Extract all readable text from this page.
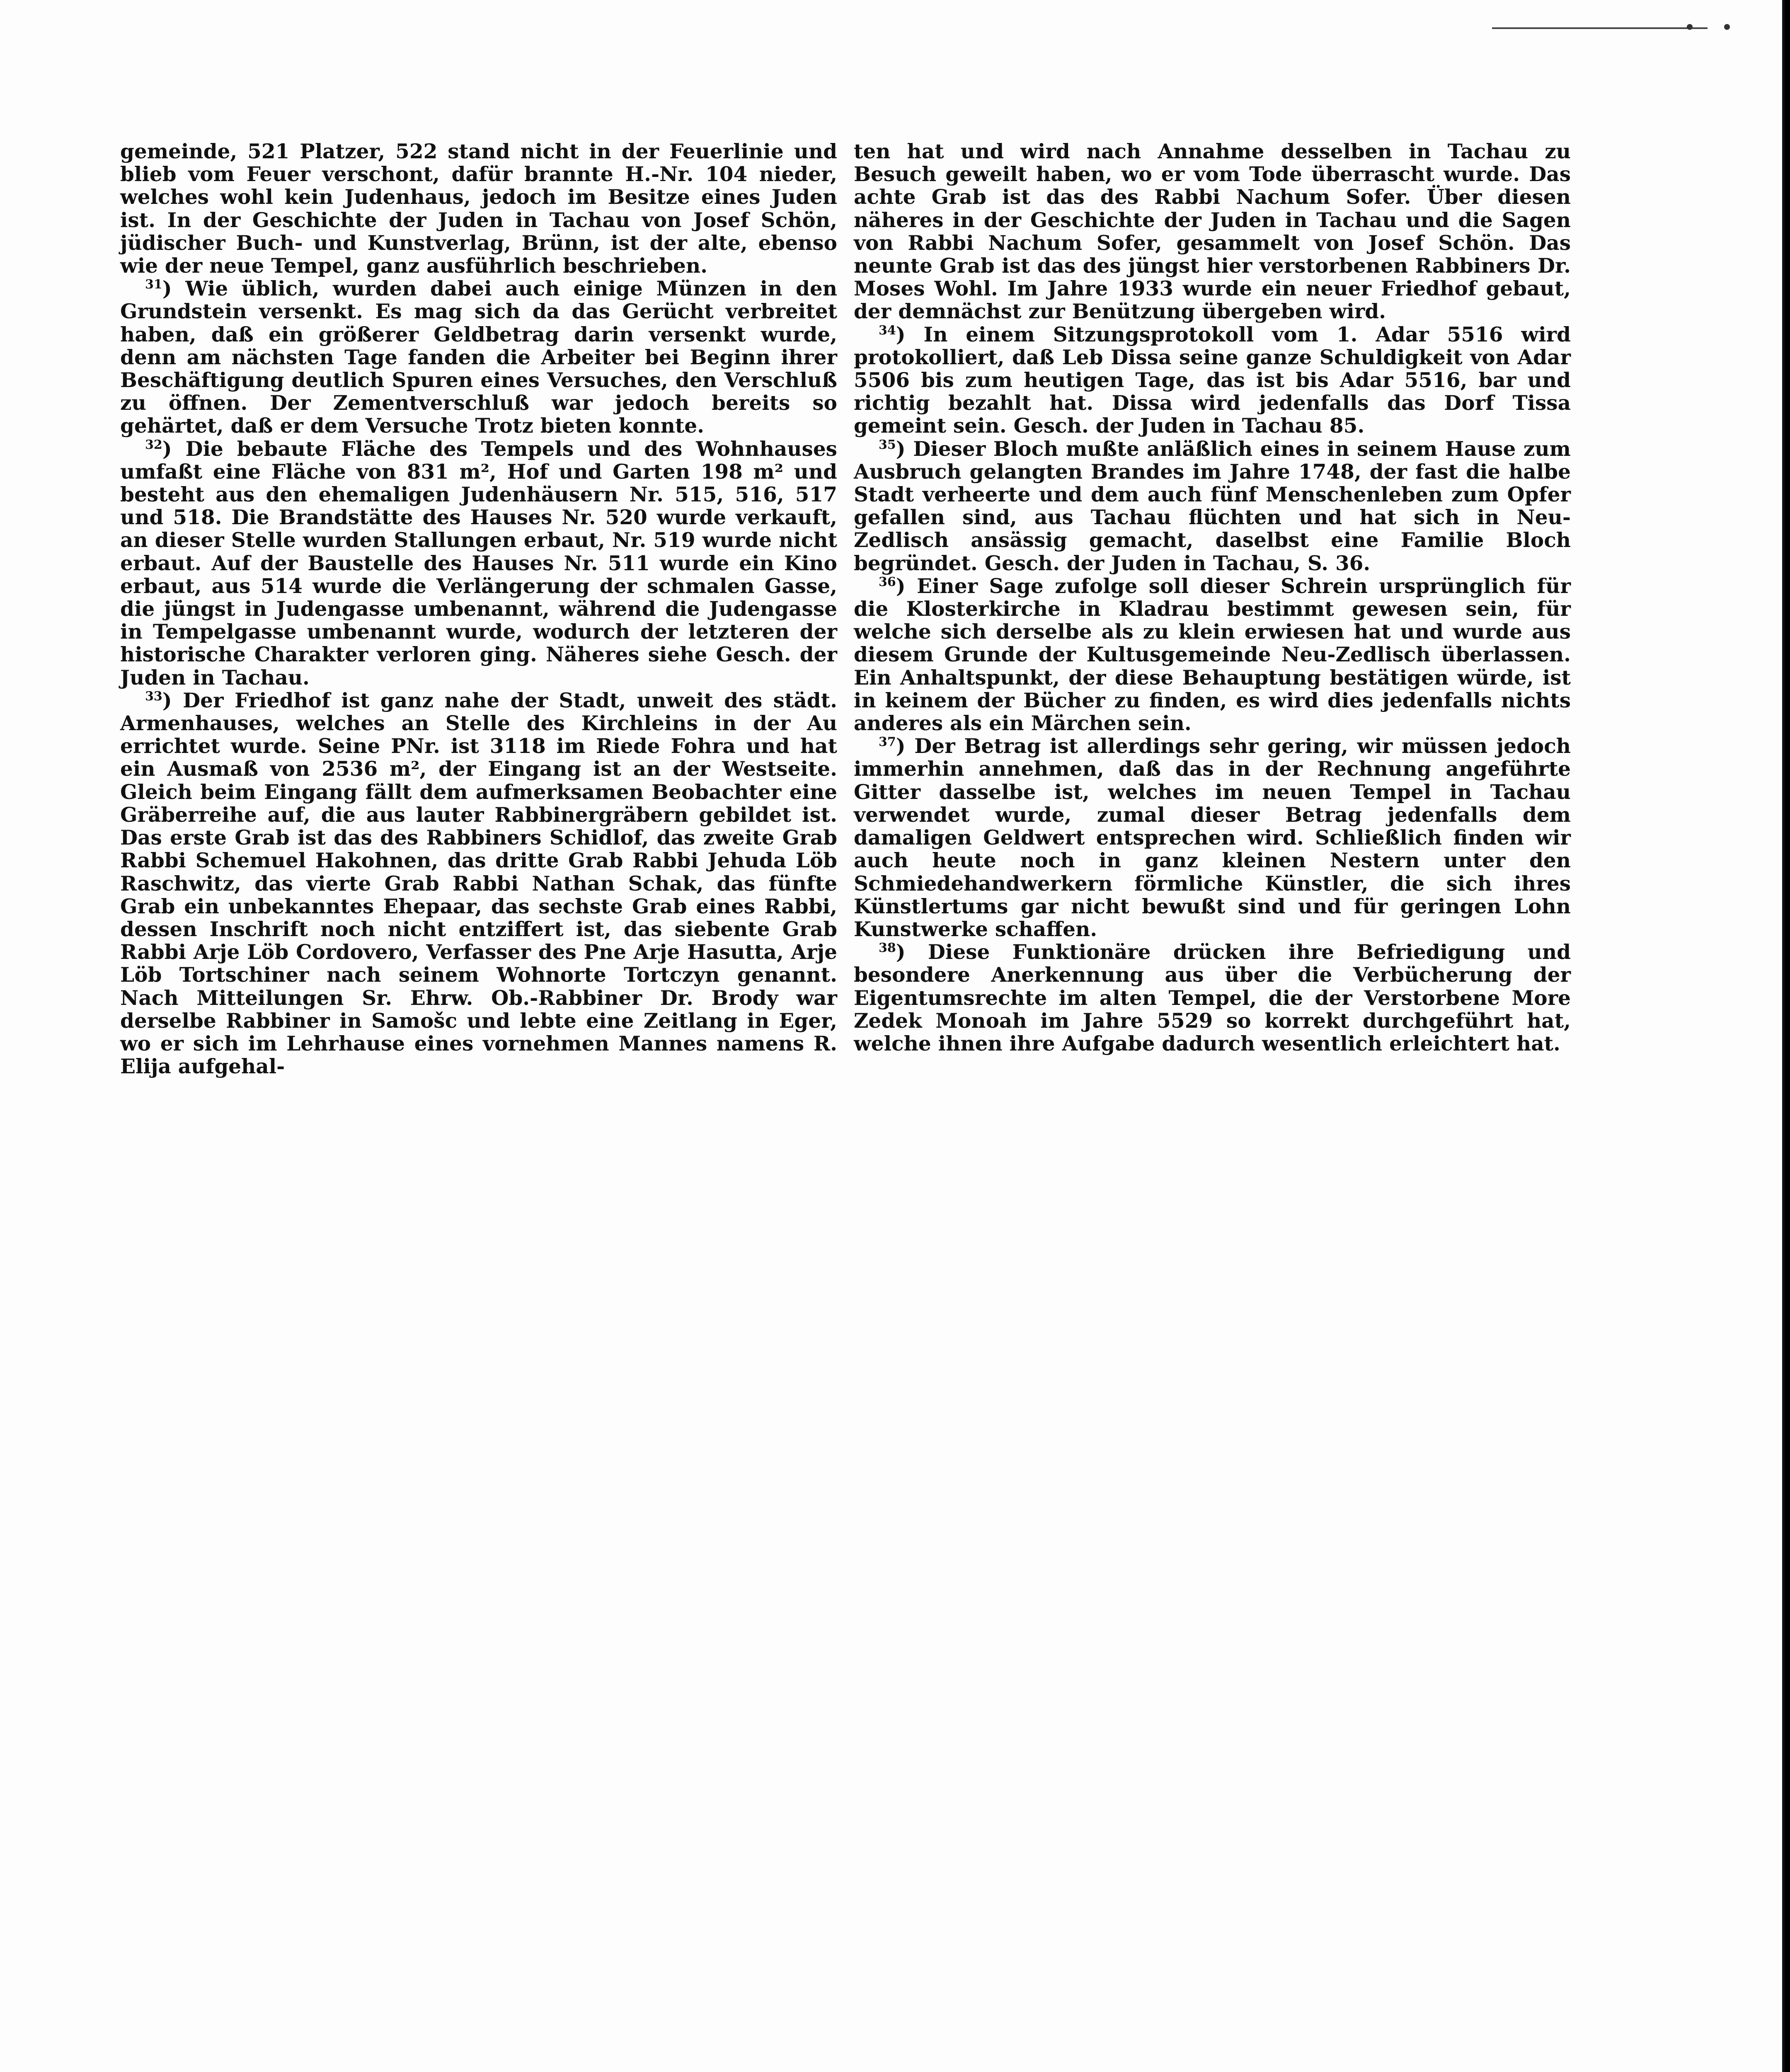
gemeinde, 521 Platzer, 522 stand nicht in der Feuerlinie und blieb vom Feuer verschont, dafür brannte H.-Nr. 104 nieder, welches wohl kein Judenhaus, jedoch im Besitze eines Juden ist. In der Geschichte der Juden in Tachau von Josef Schön, jüdischer Buch- und Kunstverlag, Brünn, ist der alte, ebenso wie der neue Tempel, ganz ausführlich beschrieben.

$^{31}$) Wie üblich, wurden dabei auch einige Münzen in den Grundstein versenkt. Es mag sich da das Gerücht verbreitet haben, daß ein größerer Geldbetrag darin versenkt wurde, denn am nächsten Tage fanden die Arbeiter bei Beginn ihrer Beschäftigung deutlich Spuren eines Versuches, den Verschluß zu öffnen. Der Zementverschluß war jedoch bereits so gehärtet, daß er dem Versuche Trotz bieten konnte.

$^{32}$) Die bebaute Fläche des Tempels und des Wohnhauses umfaßt eine Fläche von 831 m², Hof und Garten 198 m² und besteht aus den ehemaligen Judenhäusern Nr. 515, 516, 517 und 518. Die Brandstätte des Hauses Nr. 520 wurde verkauft, an dieser Stelle wurden Stallungen erbaut, Nr. 519 wurde nicht erbaut. Auf der Baustelle des Hauses Nr. 511 wurde ein Kino erbaut, aus 514 wurde die Verlängerung der schmalen Gasse, die jüngst in Judengasse umbenannt, während die Judengasse in Tempelgasse umbenannt wurde, wodurch der letzteren der historische Charakter verloren ging. Näheres siehe Gesch. der Juden in Tachau.

$^{33}$) Der Friedhof ist ganz nahe der Stadt, unweit des städt. Armenhauses, welches an Stelle des Kirchleins in der Au errichtet wurde. Seine PNr. ist 3118 im Riede Fohra und hat ein Ausmaß von 2536 m², der Eingang ist an der Westseite. Gleich beim Eingang fällt dem aufmerksamen Beobachter eine Gräberreihe auf, die aus lauter Rabbinergräbern gebildet ist. Das erste Grab ist das des Rabbiners Schidlof, das zweite Grab Rabbi Schemuel Hakohnen, das dritte Grab Rabbi Jehuda Löb Raschwitz, das vierte Grab Rabbi Nathan Schak, das fünfte Grab ein unbekanntes Ehepaar, das sechste Grab eines Rabbi, dessen Inschrift noch nicht entziffert ist, das siebente Grab Rabbi Arje Löb Cordovero, Verfasser des Pne Arje Hasutta, Arje Löb Tortschiner nach seinem Wohnorte Tortczyn genannt. Nach Mitteilungen Sr. Ehrw. Ob.-Rabbiner Dr. Brody war derselbe Rabbiner in Samošc und lebte eine Zeitlang in Eger, wo er sich im Lehrhause eines vornehmen Mannes namens R. Elija aufgehal-

ten hat und wird nach Annahme desselben in Tachau zu Besuch geweilt haben, wo er vom Tode überrascht wurde. Das achte Grab ist das des Rabbi Nachum Sofer. Über diesen näheres in der Geschichte der Juden in Tachau und die Sagen von Rabbi Nachum Sofer, gesammelt von Josef Schön. Das neunte Grab ist das des jüngst hier verstorbenen Rabbiners Dr. Moses Wohl. Im Jahre 1933 wurde ein neuer Friedhof gebaut, der demnächst zur Benützung übergeben wird.

$^{34}$) In einem Sitzungsprotokoll vom 1. Adar 5516 wird protokolliert, daß Leb Dissa seine ganze Schuldigkeit von Adar 5506 bis zum heutigen Tage, das ist bis Adar 5516, bar und richtig bezahlt hat. Dissa wird jedenfalls das Dorf Tissa gemeint sein. Gesch. der Juden in Tachau 85.

$^{35}$) Dieser Bloch mußte anläßlich eines in seinem Hause zum Ausbruch gelangten Brandes im Jahre 1748, der fast die halbe Stadt verheerte und dem auch fünf Menschenleben zum Opfer gefallen sind, aus Tachau flüchten und hat sich in Neu-Zedlisch ansässig gemacht, daselbst eine Familie Bloch begründet. Gesch. der Juden in Tachau, S. 36.

$^{36}$) Einer Sage zufolge soll dieser Schrein ursprünglich für die Klosterkirche in Kladrau bestimmt gewesen sein, für welche sich derselbe als zu klein erwiesen hat und wurde aus diesem Grunde der Kultusgemeinde Neu-Zedlisch überlassen. Ein Anhaltspunkt, der diese Behauptung bestätigen würde, ist in keinem der Bücher zu finden, es wird dies jedenfalls nichts anderes als ein Märchen sein.

$^{37}$) Der Betrag ist allerdings sehr gering, wir müssen jedoch immerhin annehmen, daß das in der Rechnung angeführte Gitter dasselbe ist, welches im neuen Tempel in Tachau verwendet wurde, zumal dieser Betrag jedenfalls dem damaligen Geldwert entsprechen wird. Schließlich finden wir auch heute noch in ganz kleinen Nestern unter den Schmiedehandwerkern förmliche Künstler, die sich ihres Künstlertums gar nicht bewußt sind und für geringen Lohn Kunstwerke schaffen.

$^{38}$) Diese Funktionäre drücken ihre Befriedigung und besondere Anerkennung aus über die Verbücherung der Eigentumsrechte im alten Tempel, die der Verstorbene More Zedek Monoah im Jahre 5529 so korrekt durchgeführt hat, welche ihnen ihre Aufgabe dadurch wesentlich erleichtert hat.
